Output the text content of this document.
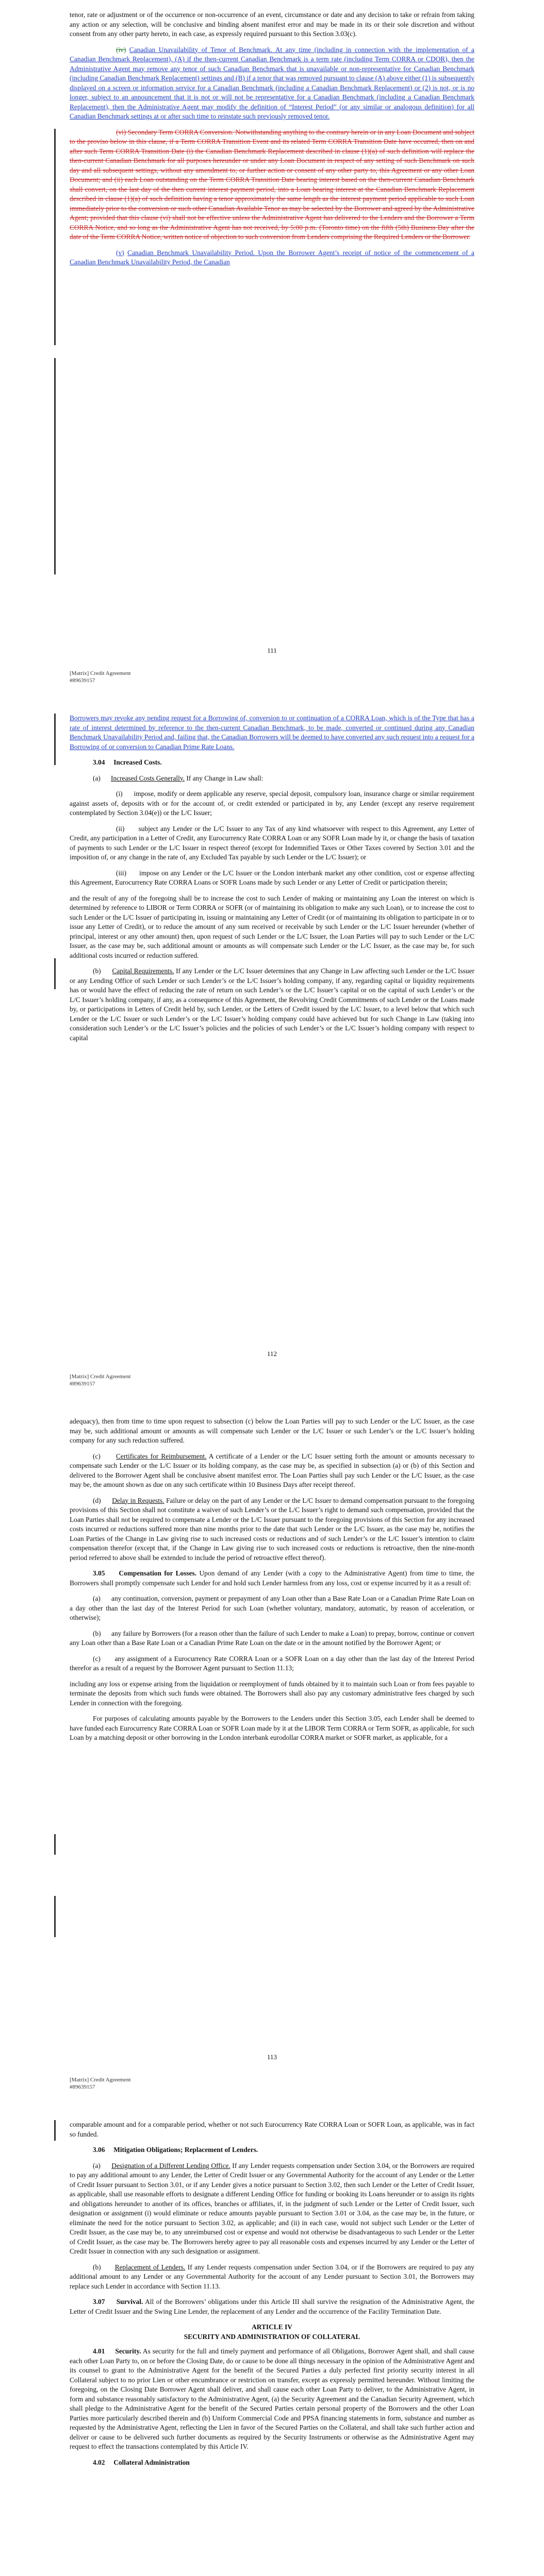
tenor, rate or adjustment or of the occurrence or non-occurrence of an event, circumstance or date and any decision to take or refrain from taking any action or any selection, will be conclusive and binding absent manifest error and may be made in its or their sole discretion and without consent from any other party hereto, in each case, as expressly required pursuant to this Section 3.03(c).

(iv) Canadian Unavailability of Tenor of Benchmark. At any time (including in connection with the implementation of a Canadian Benchmark Replacement), (A) if the then-current Canadian Benchmark is a term rate (including Term CORRA or CDOR), then the Administrative Agent may remove any tenor of such Canadian Benchmark that is unavailable or non-representative for Canadian Benchmark (including Canadian Benchmark Replacement) settings and (B) if a tenor that was removed pursuant to clause (A) above either (1) is subsequently displayed on a screen or information service for a Canadian Benchmark (including a Canadian Benchmark Replacement) or (2) is not, or is no longer, subject to an announcement that it is not or will not be representative for a Canadian Benchmark (including a Canadian Benchmark Replacement), then the Administrative Agent may modify the definition of “Interest Period” (or any similar or analogous definition) for all Canadian Benchmark settings at or after such time to reinstate such previously removed tenor.

(vi) Secondary Term CORRA Conversion. Notwithstanding anything to the contrary herein or in any Loan Document and subject to the proviso below in this clause, if a Term CORRA Transition Event and its related Term CORRA Transition Date have occurred, then on and after such Term CORRA Transition Date (i) the Canadian Benchmark Replacement described in clause (1)(a) of such definition will replace the then-current Canadian Benchmark for all purposes hereunder or under any Loan Document in respect of any setting of such Benchmark on such day and all subsequent settings, without any amendment to, or further action or consent of any other party to, this Agreement or any other Loan Document; and (ii) each Loan outstanding on the Term CORRA Transition Date bearing interest based on the then-current Canadian Benchmark shall convert, on the last day of the then current interest payment period, into a Loan bearing interest at the Canadian Benchmark Replacement described in clause (1)(a) of such definition having a tenor approximately the same length as the interest payment period applicable to such Loan immediately prior to the conversion or such other Canadian Available Tenor as may be selected by the Borrower and agreed by the Administrative Agent; provided that this clause (vi) shall not be effective unless the Administrative Agent has delivered to the Lenders and the Borrower a Term CORRA Notice, and so long as the Administrative Agent has not received, by 5:00 p.m. (Toronto time) on the fifth (5th) Business Day after the date of the Term CORRA Notice, written notice of objection to such conversion from Lenders comprising the Required Lenders or the Borrower.

(v) Canadian Benchmark Unavailability Period. Upon the Borrower Agent’s receipt of notice of the commencement of a Canadian Benchmark Unavailability Period, the Canadian

111
[Matrix] Credit Agreement
#89639157

Borrowers may revoke any pending request for a Borrowing of, conversion to or continuation of a CORRA Loan, which is of the Type that has a rate of interest determined by reference to the then-current Canadian Benchmark, to be made, converted or continued during any Canadian Benchmark Unavailability Period and, failing that, the Canadian Borrowers will be deemed to have converted any such request into a request for a Borrowing of or conversion to Canadian Prime Rate Loans.

3.04 Increased Costs.

(a) Increased Costs Generally. If any Change in Law shall:

(i) impose, modify or deem applicable any reserve, special deposit, compulsory loan, insurance charge or similar requirement against assets of, deposits with or for the account of, or credit extended or participated in by, any Lender (except any reserve requirement contemplated by Section 3.04(e)) or the L/C Issuer;

(ii) subject any Lender or the L/C Issuer to any Tax of any kind whatsoever with respect to this Agreement, any Letter of Credit, any participation in a Letter of Credit, any Eurocurrency Rate CORRA Loan or any SOFR Loan made by it, or change the basis of taxation of payments to such Lender or the L/C Issuer in respect thereof (except for Indemnified Taxes or Other Taxes covered by Section 3.01 and the imposition of, or any change in the rate of, any Excluded Tax payable by such Lender or the L/C Issuer); or

(iii) impose on any Lender or the L/C Issuer or the London interbank market any other condition, cost or expense affecting this Agreement, Eurocurrency Rate CORRA Loans or SOFR Loans made by such Lender or any Letter of Credit or participation therein;

and the result of any of the foregoing shall be to increase the cost to such Lender of making or maintaining any Loan the interest on which is determined by reference to LIBOR or Term CORRA or SOFR (or of maintaining its obligation to make any such Loan), or to increase the cost to such Lender or the L/C Issuer of participating in, issuing or maintaining any Letter of Credit (or of maintaining its obligation to participate in or to issue any Letter of Credit), or to reduce the amount of any sum received or receivable by such Lender or the L/C Issuer hereunder (whether of principal, interest or any other amount) then, upon request of such Lender or the L/C Issuer, the Loan Parties will pay to such Lender or the L/C Issuer, as the case may be, such additional amount or amounts as will compensate such Lender or the L/C Issuer, as the case may be, for such additional costs incurred or reduction suffered.

(b) Capital Requirements. If any Lender or the L/C Issuer determines that any Change in Law affecting such Lender or the L/C Issuer or any Lending Office of such Lender or such Lender’s or the L/C Issuer’s holding company, if any, regarding capital or liquidity requirements has or would have the effect of reducing the rate of return on such Lender’s or the L/C Issuer’s capital or on the capital of such Lender’s or the L/C Issuer’s holding company, if any, as a consequence of this Agreement, the Revolving Credit Commitments of such Lender or the Loans made by, or participations in Letters of Credit held by, such Lender, or the Letters of Credit issued by the L/C Issuer, to a level below that which such Lender or the L/C Issuer or such Lender’s or the L/C Issuer’s holding company could have achieved but for such Change in Law (taking into consideration such Lender’s or the L/C Issuer’s policies and the policies of such Lender’s or the L/C Issuer’s holding company with respect to capital

112
[Matrix] Credit Agreement
#89639157

adequacy), then from time to time upon request to subsection (c) below the Loan Parties will pay to such Lender or the L/C Issuer, as the case may be, such additional amount or amounts as will compensate such Lender or the L/C Issuer or such Lender’s or the L/C Issuer’s holding company for any such reduction suffered.

(c) Certificates for Reimbursement. A certificate of a Lender or the L/C Issuer setting forth the amount or amounts necessary to compensate such Lender or the L/C Issuer or its holding company, as the case may be, as specified in subsection (a) or (b) of this Section and delivered to the Borrower Agent shall be conclusive absent manifest error. The Loan Parties shall pay such Lender or the L/C Issuer, as the case may be, the amount shown as due on any such certificate within 10 Business Days after receipt thereof.

(d) Delay in Requests. Failure or delay on the part of any Lender or the L/C Issuer to demand compensation pursuant to the foregoing provisions of this Section shall not constitute a waiver of such Lender’s or the L/C Issuer’s right to demand such compensation, provided that the Loan Parties shall not be required to compensate a Lender or the L/C Issuer pursuant to the foregoing provisions of this Section for any increased costs incurred or reductions suffered more than nine months prior to the date that such Lender or the L/C Issuer, as the case may be, notifies the Loan Parties of the Change in Law giving rise to such increased costs or reductions and of such Lender’s or the L/C Issuer’s intention to claim compensation therefor (except that, if the Change in Law giving rise to such increased costs or reductions is retroactive, then the nine-month period referred to above shall be extended to include the period of retroactive effect thereof).

3.05 Compensation for Losses. Upon demand of any Lender (with a copy to the Administrative Agent) from time to time, the Borrowers shall promptly compensate such Lender for and hold such Lender harmless from any loss, cost or expense incurred by it as a result of:

(a) any continuation, conversion, payment or prepayment of any Loan other than a Base Rate Loan or a Canadian Prime Rate Loan on a day other than the last day of the Interest Period for such Loan (whether voluntary, mandatory, automatic, by reason of acceleration, or otherwise);

(b) any failure by Borrowers (for a reason other than the failure of such Lender to make a Loan) to prepay, borrow, continue or convert any Loan other than a Base Rate Loan or a Canadian Prime Rate Loan on the date or in the amount notified by the Borrower Agent; or

(c) any assignment of a Eurocurrency Rate CORRA Loan or a SOFR Loan on a day other than the last day of the Interest Period therefor as a result of a request by the Borrower Agent pursuant to Section 11.13;

including any loss or expense arising from the liquidation or reemployment of funds obtained by it to maintain such Loan or from fees payable to terminate the deposits from which such funds were obtained. The Borrowers shall also pay any customary administrative fees charged by such Lender in connection with the foregoing.

For purposes of calculating amounts payable by the Borrowers to the Lenders under this Section 3.05, each Lender shall be deemed to have funded each Eurocurrency Rate CORRA Loan or SOFR Loan made by it at the LIBOR Term CORRA or Term SOFR, as applicable, for such Loan by a matching deposit or other borrowing in the London interbank eurodollar CORRA market or SOFR market, as applicable, for a

113
[Matrix] Credit Agreement
#89639157

comparable amount and for a comparable period, whether or not such Eurocurrency Rate CORRA Loan or SOFR Loan, as applicable, was in fact so funded.

3.06 Mitigation Obligations; Replacement of Lenders.

(a) Designation of a Different Lending Office. If any Lender requests compensation under Section 3.04, or the Borrowers are required to pay any additional amount to any Lender, the Letter of Credit Issuer or any Governmental Authority for the account of any Lender or the Letter of Credit Issuer pursuant to Section 3.01, or if any Lender gives a notice pursuant to Section 3.02, then such Lender or the Letter of Credit Issuer, as applicable, shall use reasonable efforts to designate a different Lending Office for funding or booking its Loans hereunder or to assign its rights and obligations hereunder to another of its offices, branches or affiliates, if, in the judgment of such Lender or the Letter of Credit Issuer, such designation or assignment (i) would eliminate or reduce amounts payable pursuant to Section 3.01 or 3.04, as the case may be, in the future, or eliminate the need for the notice pursuant to Section 3.02, as applicable; and (ii) in each case, would not subject such Lender or the Letter of Credit Issuer, as the case may be, to any unreimbursed cost or expense and would not otherwise be disadvantageous to such Lender or the Letter of Credit Issuer, as the case may be. The Borrowers hereby agree to pay all reasonable costs and expenses incurred by any Lender or the Letter of Credit Issuer in connection with any such designation or assignment.

(b) Replacement of Lenders. If any Lender requests compensation under Section 3.04, or if the Borrowers are required to pay any additional amount to any Lender or any Governmental Authority for the account of any Lender pursuant to Section 3.01, the Borrowers may replace such Lender in accordance with Section 11.13.

3.07 Survival. All of the Borrowers’ obligations under this Article III shall survive the resignation of the Administrative Agent, the Letter of Credit Issuer and the Swing Line Lender, the replacement of any Lender and the occurrence of the Facility Termination Date.

ARTICLE IV
SECURITY AND ADMINISTRATION OF COLLATERAL

4.01 Security. As security for the full and timely payment and performance of all Obligations, Borrower Agent shall, and shall cause each other Loan Party to, on or before the Closing Date, do or cause to be done all things necessary in the opinion of the Administrative Agent and its counsel to grant to the Administrative Agent for the benefit of the Secured Parties a duly perfected first priority security interest in all Collateral subject to no prior Lien or other encumbrance or restriction on transfer, except as expressly permitted hereunder. Without limiting the foregoing, on the Closing Date Borrower Agent shall deliver, and shall cause each other Loan Party to deliver, to the Administrative Agent, in form and substance reasonably satisfactory to the Administrative Agent, (a) the Security Agreement and the Canadian Security Agreement, which shall pledge to the Administrative Agent for the benefit of the Secured Parties certain personal property of the Borrowers and the other Loan Parties more particularly described therein and (b) Uniform Commercial Code and PPSA financing statements in form, substance and number as requested by the Administrative Agent, reflecting the Lien in favor of the Secured Parties on the Collateral, and shall take such further action and deliver or cause to be delivered such further documents as required by the Security Instruments or otherwise as the Administrative Agent may request to effect the transactions contemplated by this Article IV.

4.02 Collateral Administration
